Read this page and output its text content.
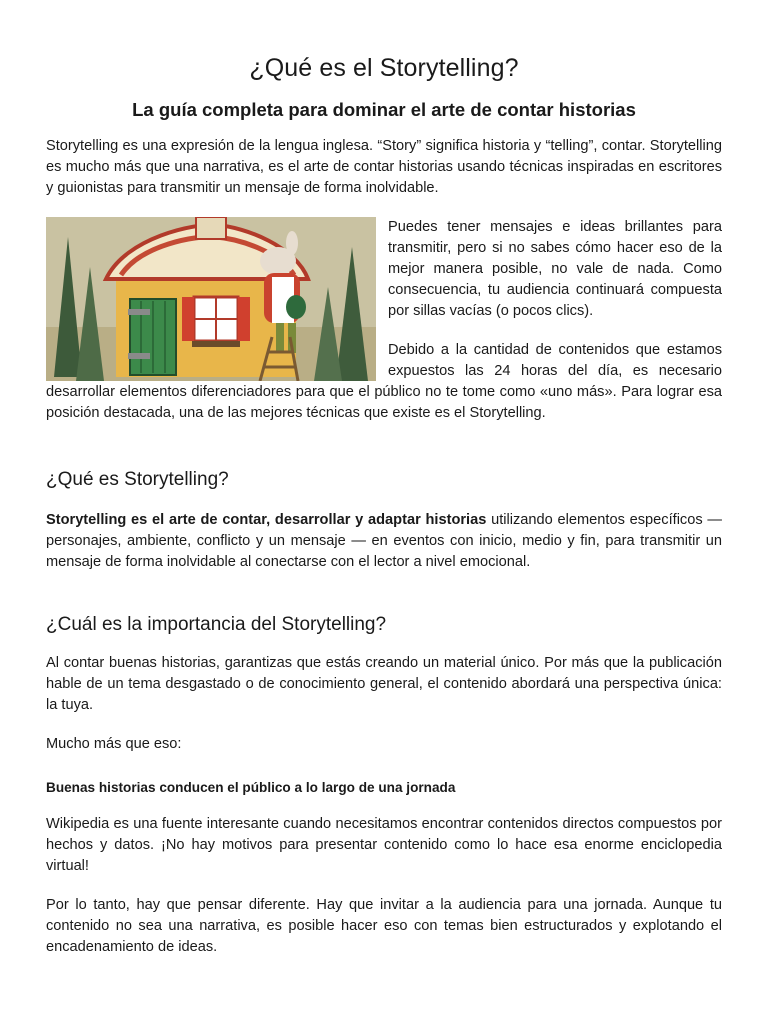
¿Qué es el Storytelling?
La guía completa para dominar el arte de contar historias

Storytelling es una expresión de la lengua inglesa. “Story” significa historia y “telling”, contar. Storytelling es mucho más que una narrativa, es el arte de contar historias usando técnicas inspiradas en escritores y guionistas para transmitir un mensaje de forma inolvidable.

Puedes tener mensajes e ideas brillantes para transmitir, pero si no sabes cómo hacer eso de la mejor manera posible, no vale de nada. Como consecuencia, tu audiencia continuará compuesta por sillas vacías (o pocos clics).

Debido a la cantidad de contenidos que estamos expuestos las 24 horas del día, es necesario desarrollar elementos diferenciadores para que el público no te tome como «uno más». Para lograr esa posición destacada, una de las mejores técnicas que existe es el Storytelling.

¿Qué es Storytelling?

Storytelling es el arte de contar, desarrollar y adaptar historias utilizando elementos específicos — personajes, ambiente, conflicto y un mensaje — en eventos con inicio, medio y fin, para transmitir un mensaje de forma inolvidable al conectarse con el lector a nivel emocional.

¿Cuál es la importancia del Storytelling?

Al contar buenas historias, garantizas que estás creando un material único. Por más que la publicación hable de un tema desgastado o de conocimiento general, el contenido abordará una perspectiva única: la tuya.

Mucho más que eso:

Buenas historias conducen el público a lo largo de una jornada

Wikipedia es una fuente interesante cuando necesitamos encontrar contenidos directos compuestos por hechos y datos. ¡No hay motivos para presentar contenido como lo hace esa enorme enciclopedia virtual!

Por lo tanto, hay que pensar diferente. Hay que invitar a la audiencia para una jornada. Aunque tu contenido no sea una narrativa, es posible hacer eso con temas bien estructurados y explotando el encadenamiento de ideas.
